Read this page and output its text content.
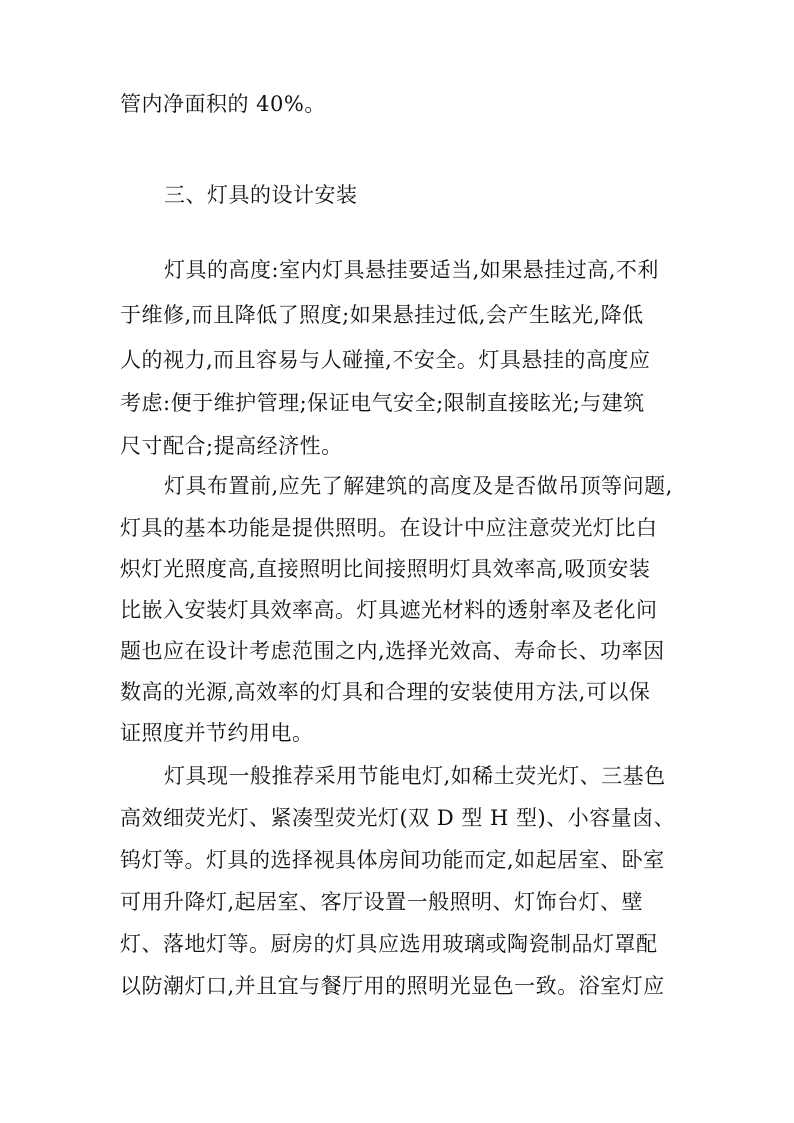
管内净面积的 40%。
三、灯具的设计安装
灯具的高度:室内灯具悬挂要适当,如果悬挂过高,不利
于维修,而且降低了照度;如果悬挂过低,会产生眩光,降低
人的视力,而且容易与人碰撞,不安全。灯具悬挂的高度应
考虑:便于维护管理;保证电气安全;限制直接眩光;与建筑
尺寸配合;提高经济性。
灯具布置前,应先了解建筑的高度及是否做吊顶等问题,
灯具的基本功能是提供照明。在设计中应注意荧光灯比白
炽灯光照度高,直接照明比间接照明灯具效率高,吸顶安装
比嵌入安装灯具效率高。灯具遮光材料的透射率及老化问
题也应在设计考虑范围之内,选择光效高、寿命长、功率因
数高的光源,高效率的灯具和合理的安装使用方法,可以保
证照度并节约用电。
灯具现一般推荐采用节能电灯,如稀土荧光灯、三基色
高效细荧光灯、紧凑型荧光灯(双 D 型 H 型)、小容量卤、
钨灯等。灯具的选择视具体房间功能而定,如起居室、卧室
可用升降灯,起居室、客厅设置一般照明、灯饰台灯、壁
灯、落地灯等。厨房的灯具应选用玻璃或陶瓷制品灯罩配
以防潮灯口,并且宜与餐厅用的照明光显色一致。浴室灯应
